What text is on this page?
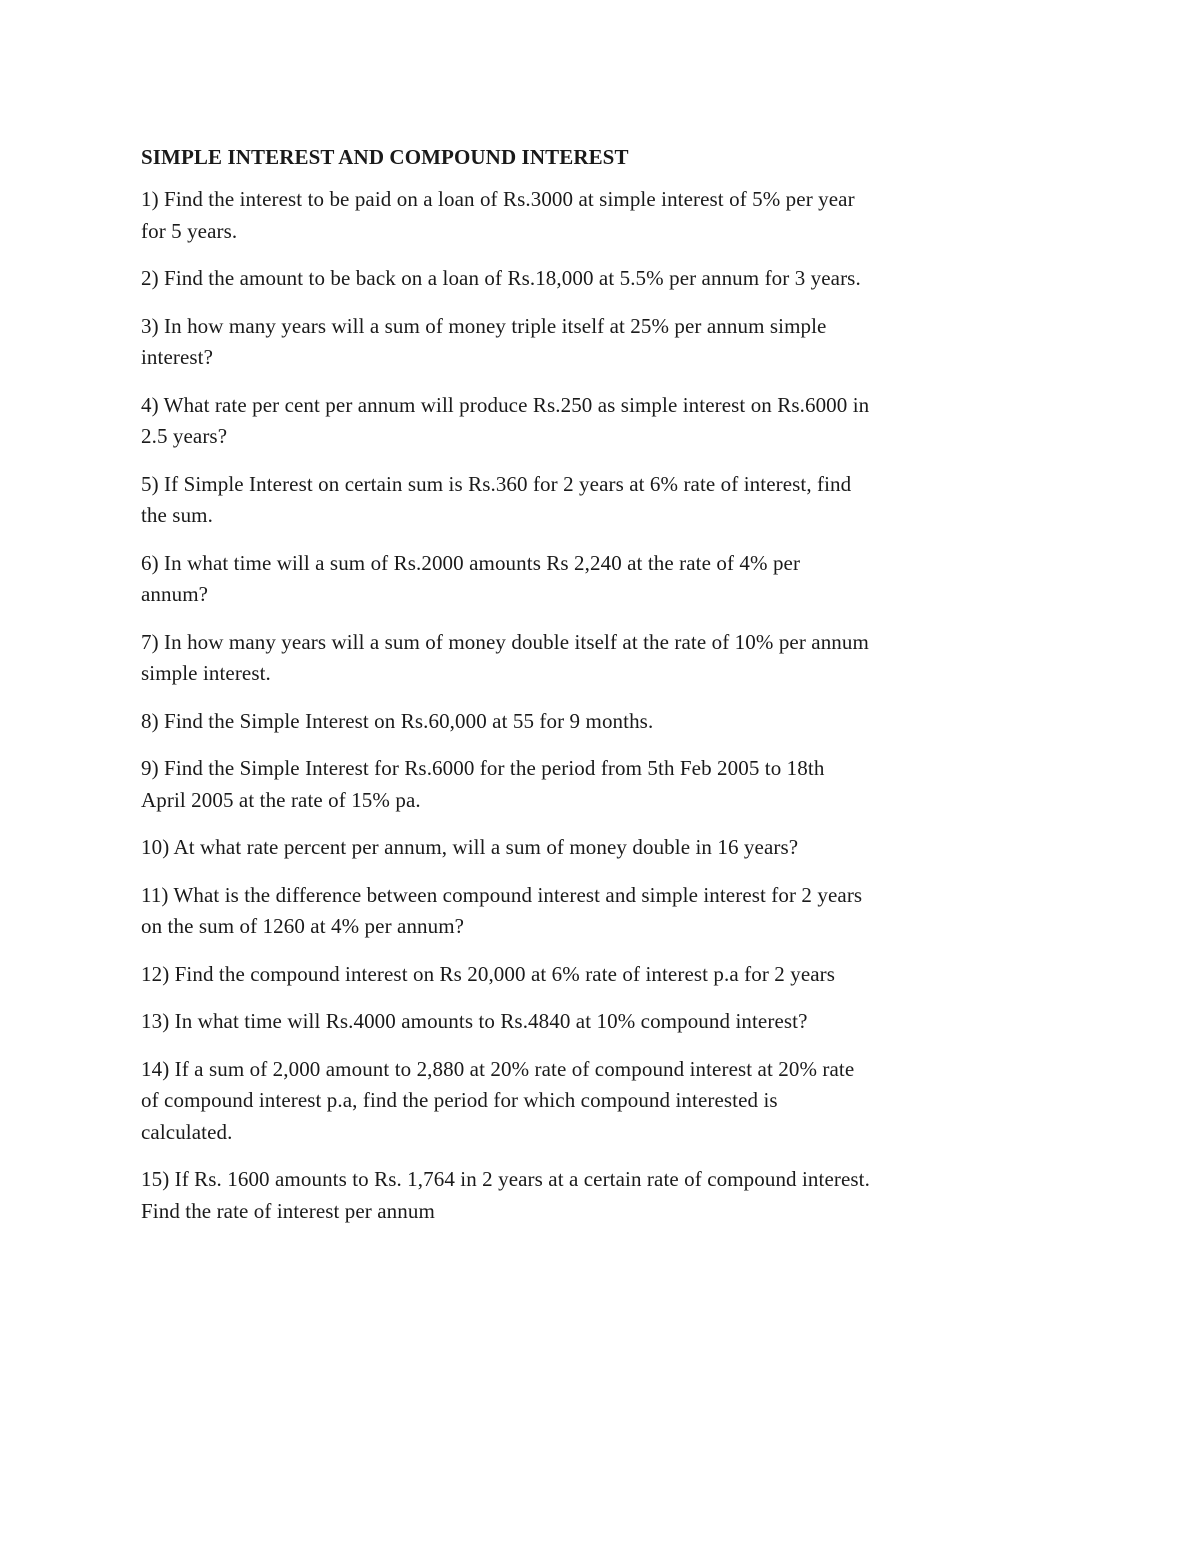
SIMPLE INTEREST AND COMPOUND INTEREST
1) Find the interest to be paid on a loan of Rs.3000 at simple interest of 5% per year for 5 years.
2) Find the amount to be back on a loan of Rs.18,000 at 5.5% per annum for 3 years.
3) In how many years will a sum of money triple itself at 25% per annum simple interest?
4) What rate per cent per annum will produce Rs.250 as simple interest on Rs.6000 in 2.5 years?
5) If Simple Interest on certain sum is Rs.360 for 2 years at 6% rate of interest, find the sum.
6) In what time will a sum of Rs.2000 amounts Rs 2,240 at the rate of 4% per annum?
7) In how many years will a sum of money double itself at the rate of 10% per annum simple interest.
8) Find the Simple Interest on Rs.60,000 at 55 for 9 months.
9) Find the Simple Interest for Rs.6000 for the period from 5th Feb 2005 to 18th April 2005 at the rate of 15% pa.
10) At what rate percent per annum, will a sum of money double in 16 years?
11) What is the difference between compound interest and simple interest for 2 years on the sum of 1260 at 4% per annum?
12) Find the compound interest on Rs 20,000 at 6% rate of interest p.a for 2 years
13) In what time will Rs.4000 amounts to Rs.4840 at 10% compound interest?
14) If a sum of 2,000 amount to 2,880 at 20% rate of compound interest at 20% rate of compound interest p.a, find the period for which compound interested is calculated.
15) If Rs. 1600 amounts to Rs. 1,764 in 2 years at a certain rate of compound interest. Find the rate of interest per annum
